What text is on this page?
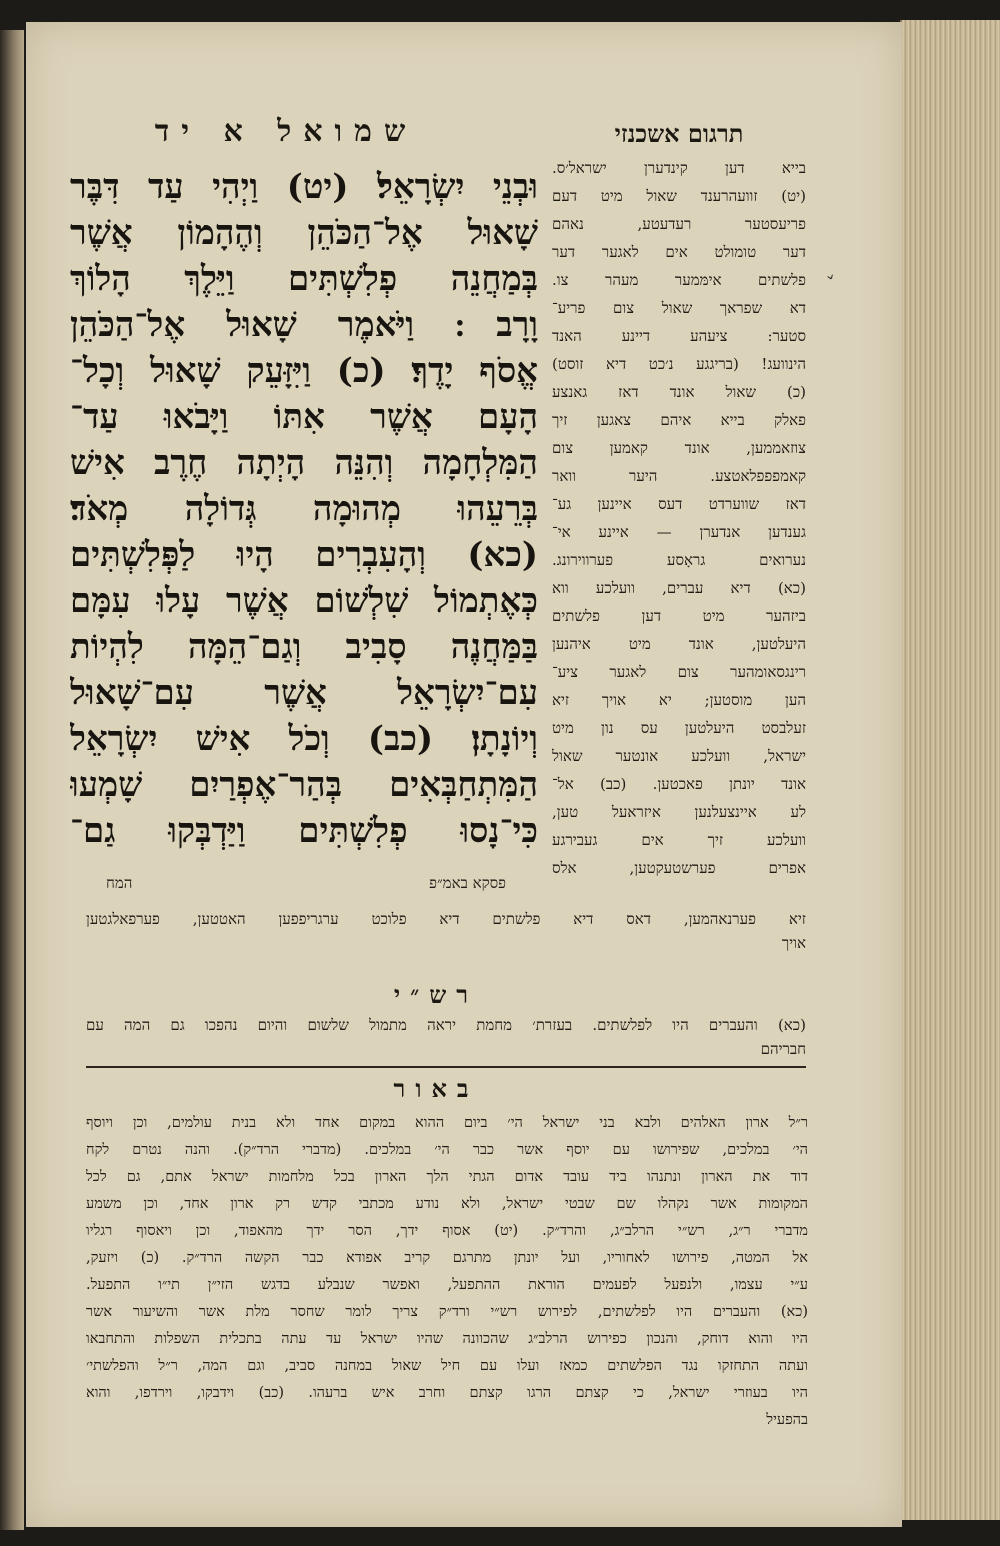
שמואל א יד
וּבְנֵי יִשְׂרָאֵל׃ (יט) וַיְהִי עַד דִּבֶּר
שָׁאוּל אֶל־הַכֹּהֵן וְהֶהָמוֹן אֲשֶׁר
בְּמַחֲנֵה פְלִשְׁתִּים וַיֵּלֶךְ הָלוֹךְ
וָרָב ׃ וַיֹּאמֶר שָׁאוּל אֶל־הַכֹּהֵן
אֱסֹף יָדֶךָ׃ (כ) וַיִּזָּעֵק שָׁאוּל וְכָל־
הָעָם אֲשֶׁר אִתּוֹ וַיָּבֹאוּ עַד־
הַמִּלְחָמָה וְהִנֵּה הָיְתָה חֶרֶב אִישׁ
בְּרֵעֵהוּ מְהוּמָה גְּדוֹלָה מְאֹד׃
(כא) וְהָעִבְרִים הָיוּ לַפְּלִשְׁתִּים
כְּאֶתְמוֹל שִׁלְשׁוֹם אֲשֶׁר עָלוּ עִמָּם
בַּמַּחֲנֶה סָבִיב וְגַם־הֵמָּה לִהְיוֹת
עִם־יִשְׂרָאֵל אֲשֶׁר עִם־שָׁאוּל
וְיוֹנָתָן׃ (כב) וְכֹל אִישׁ יִשְׂרָאֵל
הַמִּתְחַבְּאִים בְּהַר־אֶפְרַיִם שָׁמְעוּ
כִּי־נָסוּ פְלִשְׁתִּים וַיַּדְבְּקוּ גַם־
פסקא באמ״פ
המח
תרגום אשכנזי
בייא דען קינדערן ישראל׳ס.
(יט) זוועהרענד שאול מיט דעם
פריעסטער רעדעטע, נאהם
דער טומולט אים לאגער דער
פלשתים אימּמער מעהר צו.
דא שפראך שאול צום פריע־
סטער: ציעהע דיינע האנד
הינוועג! (בריגגע נ׳כט דיא זוסט)
(כ) שאול אונד דאז גאנצע
פאלק בייא איהם צאגען זיך
צוזאממען, אונד קאמען צום
קאמפפפלאטצע. היער וואר
דאז שווערדט דעס איינען גע־
גענדען אנדערן — איינע אי־
נערואים גראָסע פערווירונג.
(כא) דיא עברים, וועלכע ווא
ביזהער מיט דען פלשתים
היעלטען, אונד מיט איהנען
רינגסאומהער צום לאגער ציע־
הען מוסטען; יא אויך זיא
זעלבסט היעלטען עס נון מיט
ישראל, וועלכע אונטער שאול
אונד יונתן פאכטען. (כב) אל־
לע איינצעלנען איזראעל טען,
וועלכע זיך אים געבירגע
אפרים פערשטעקטען, אלס
זיא פערנאהמען, דאס דיא פלשתים דיא פלוכט ערגריפפען האטטען, פערפאלגטען
אויך
רש״י
(כא) והעברים היו לפלשתים. בעזרת׳ מחמת יראה מתמול שלשום והיום נהפכו גם המה עם
חבריהם
באור
ר״ל ארון האלהים ולבא בני ישראל הי׳ ביום ההוא במקום אחד ולא בנית עולמים, וכן ויוסף
הי׳ במלכים, שפירושו עם יוסף אשר כבר הי׳ במלכים. (מדברי הרד״ק). והנה נטרם לקח
דוד את הארון ונתנהו ביד עובד אדום הגתי הלך הארון בכל מלחמות ישראל אתם, גם לכל
המקומות אשר נקהלו שם שבטי ישראל, ולא נודע מכתבי קדש רק ארון אחד, וכן משמע
מדברי ר״ג, רש״י הרלב״ג, והרד״ק. (יט) אסוף ידך, הסר ידך מהאפוד, וכן ויאסוף רגליו
אל המטה, פירושו לאחוריו, ועל יונתן מתרגם קריב אפודא כבר הקשה הרד״ק. (כ) ויזעק,
ע״י עצמו, ולנפעל לפעמים הוראת ההתפעל, ואפשר שנבלע בדגש הזי״ן תי״ו התפעל.
(כא) והעברים היו לפלשתים, לפירוש רש״י ורד״ק צריך לומר שחסר מלת אשר והשיעור אשר
היו והוא דוחק, והנכון כפירוש הרלב״ג שהכוונה שהיו ישראל עד עתה בתכלית השפלות והתחבאו
ועתה התחזקו נגד הפלשתים כמאז ועלו עם חיל שאול במחנה סביב, וגם המה, ר״ל והפלשתי׳
היו בעוזרי ישראל, כי קצתם הרגו קצתם וחרב איש ברעהו. (כב) וידבקו, וירדפו, והוא
בהפעיל
ˇ
